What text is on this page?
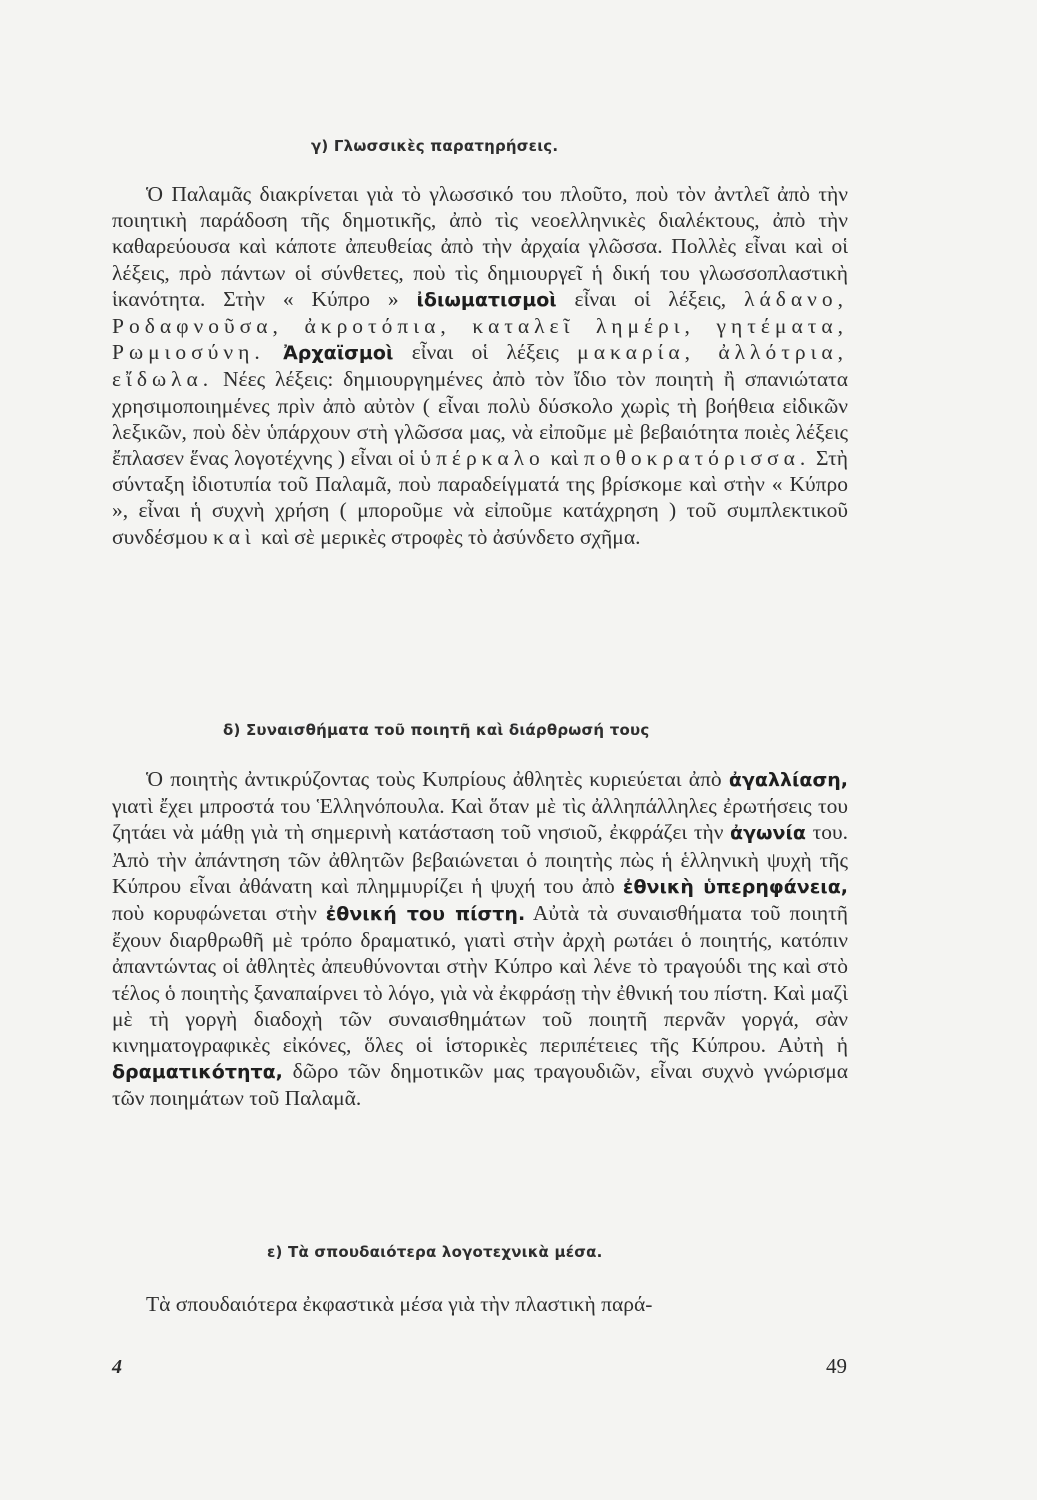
γ) Γλωσσικὲς παρατηρήσεις.

Ὁ Παλαμᾶς διακρίνεται γιὰ τὸ γλωσσικό του πλοῦτο, ποὺ τὸν ἀντλεῖ ἀπὸ τὴν ποιητικὴ παράδοση τῆς δημοτικῆς, ἀπὸ τὶς νεοελληνικὲς διαλέκτους, ἀπὸ τὴν καθαρεύουσα καὶ κάποτε ἀπευθείας ἀπὸ τὴν ἀρχαία γλῶσσα. Πολλὲς εἶναι καὶ οἱ λέξεις, πρὸ πάντων οἱ σύνθετες, ποὺ τὶς δημιουργεῖ ἡ δική του γλωσσοπλαστικὴ ἱκανότητα. Στὴν « Κύπρο » ἰδιωματισμοὶ εἶναι οἱ λέξεις, λάδανο, Ροδαφνοῦσα, ἀκροτόπια, καταλεῖ λημέρι, γητέματα, Ρωμιοσύνη. Ἀρχαϊσμοὶ εἶναι οἱ λέξεις μακαρία, ἀλλότρια, εἴδωλα. Νέες λέξεις: δημιουργημένες ἀπὸ τὸν ἴδιο τὸν ποιητὴ ἢ σπανιώτατα χρησιμοποιημένες πρὶν ἀπὸ αὐτὸν ( εἶναι πολὺ δύσκολο χωρὶς τὴ βοήθεια εἰδικῶν λεξικῶν, ποὺ δὲν ὑπάρχουν στὴ γλῶσσα μας, νὰ εἰποῦμε μὲ βεβαιότητα ποιὲς λέξεις ἔπλασεν ἕνας λογοτέχνης ) εἶναι οἱ ὑπέρκαλο καὶ ποθοκρατόρισσα. Στὴ σύνταξη ἰδιοτυπία τοῦ Παλαμᾶ, ποὺ παραδείγματά της βρίσκομε καὶ στὴν « Κύπρο », εἶναι ἡ συχνὴ χρήση ( μποροῦμε νὰ εἰποῦμε κατάχρηση ) τοῦ συμπλεκτικοῦ συνδέσμου καὶ καὶ σὲ μερικὲς στροφὲς τὸ ἀσύνδετο σχῆμα.

δ) Συναισθήματα τοῦ ποιητῆ καὶ διάρθρωσή τους

Ὁ ποιητὴς ἀντικρύζοντας τοὺς Κυπρίους ἀθλητὲς κυριεύεται ἀπὸ ἀγαλλίαση, γιατὶ ἔχει μπροστά του Ἑλληνόπουλα. Καὶ ὅταν μὲ τὶς ἀλληπάλληλες ἐρωτήσεις του ζητάει νὰ μάθῃ γιὰ τὴ σημερινὴ κατάσταση τοῦ νησιοῦ, ἐκφράζει τὴν ἀγωνία του. Ἀπὸ τὴν ἀπάντηση τῶν ἀθλητῶν βεβαιώνεται ὁ ποιητὴς πὼς ἡ ἑλληνικὴ ψυχὴ τῆς Κύπρου εἶναι ἀθάνατη καὶ πλημμυρίζει ἡ ψυχή του ἀπὸ ἐθνικὴ ὑπερηφάνεια, ποὺ κορυφώνεται στὴν ἐθνική του πίστη. Αὐτὰ τὰ συναισθήματα τοῦ ποιητῆ ἔχουν διαρθρωθῆ μὲ τρόπο δραματικό, γιατὶ στὴν ἀρχὴ ρωτάει ὁ ποιητής, κατόπιν ἀπαντώντας οἱ ἀθλητὲς ἀπευθύνονται στὴν Κύπρο καὶ λένε τὸ τραγούδι της καὶ στὸ τέλος ὁ ποιητὴς ξαναπαίρνει τὸ λόγο, γιὰ νὰ ἐκφράσῃ τὴν ἐθνική του πίστη. Καὶ μαζὶ μὲ τὴ γοργὴ διαδοχὴ τῶν συναισθημάτων τοῦ ποιητῆ περνᾶν γοργά, σὰν κινηματογραφικὲς εἰκόνες, ὅλες οἱ ἱστορικὲς περιπέτειες τῆς Κύπρου. Αὐτὴ ἡ δραματικότητα, δῶρο τῶν δημοτικῶν μας τραγουδιῶν, εἶναι συχνὸ γνώρισμα τῶν ποιημάτων τοῦ Παλαμᾶ.

ε) Τὰ σπουδαιότερα λογοτεχνικὰ μέσα.

Τὰ σπουδαιότερα ἐκφαστικὰ μέσα γιὰ τὴν πλαστικὴ παρά-

4	49
